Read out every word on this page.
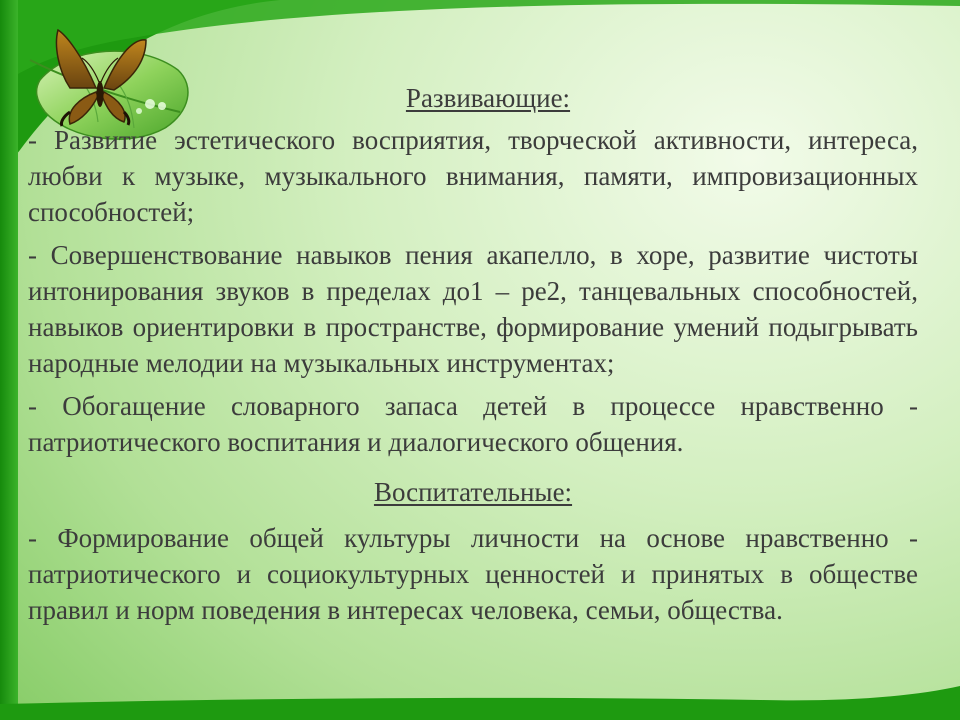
Развивающие:

- Развитие эстетического восприятия, творческой активности, интереса, любви к музыке, музыкального внимания, памяти, импровизационных способностей;

- Совершенствование навыков пения акапелло, в хоре, развитие чистоты интонирования звуков в пределах до1 – ре2, танцевальных способностей, навыков ориентировки в пространстве, формирование умений подыгрывать народные мелодии на музыкальных инструментах;

- Обогащение словарного запаса детей в процессе нравственно - патриотического воспитания и диалогического общения.

Воспитательные:

- Формирование общей культуры личности на основе нравственно - патриотического и социокультурных ценностей и принятых в обществе правил и норм поведения в интересах человека, семьи, общества.
